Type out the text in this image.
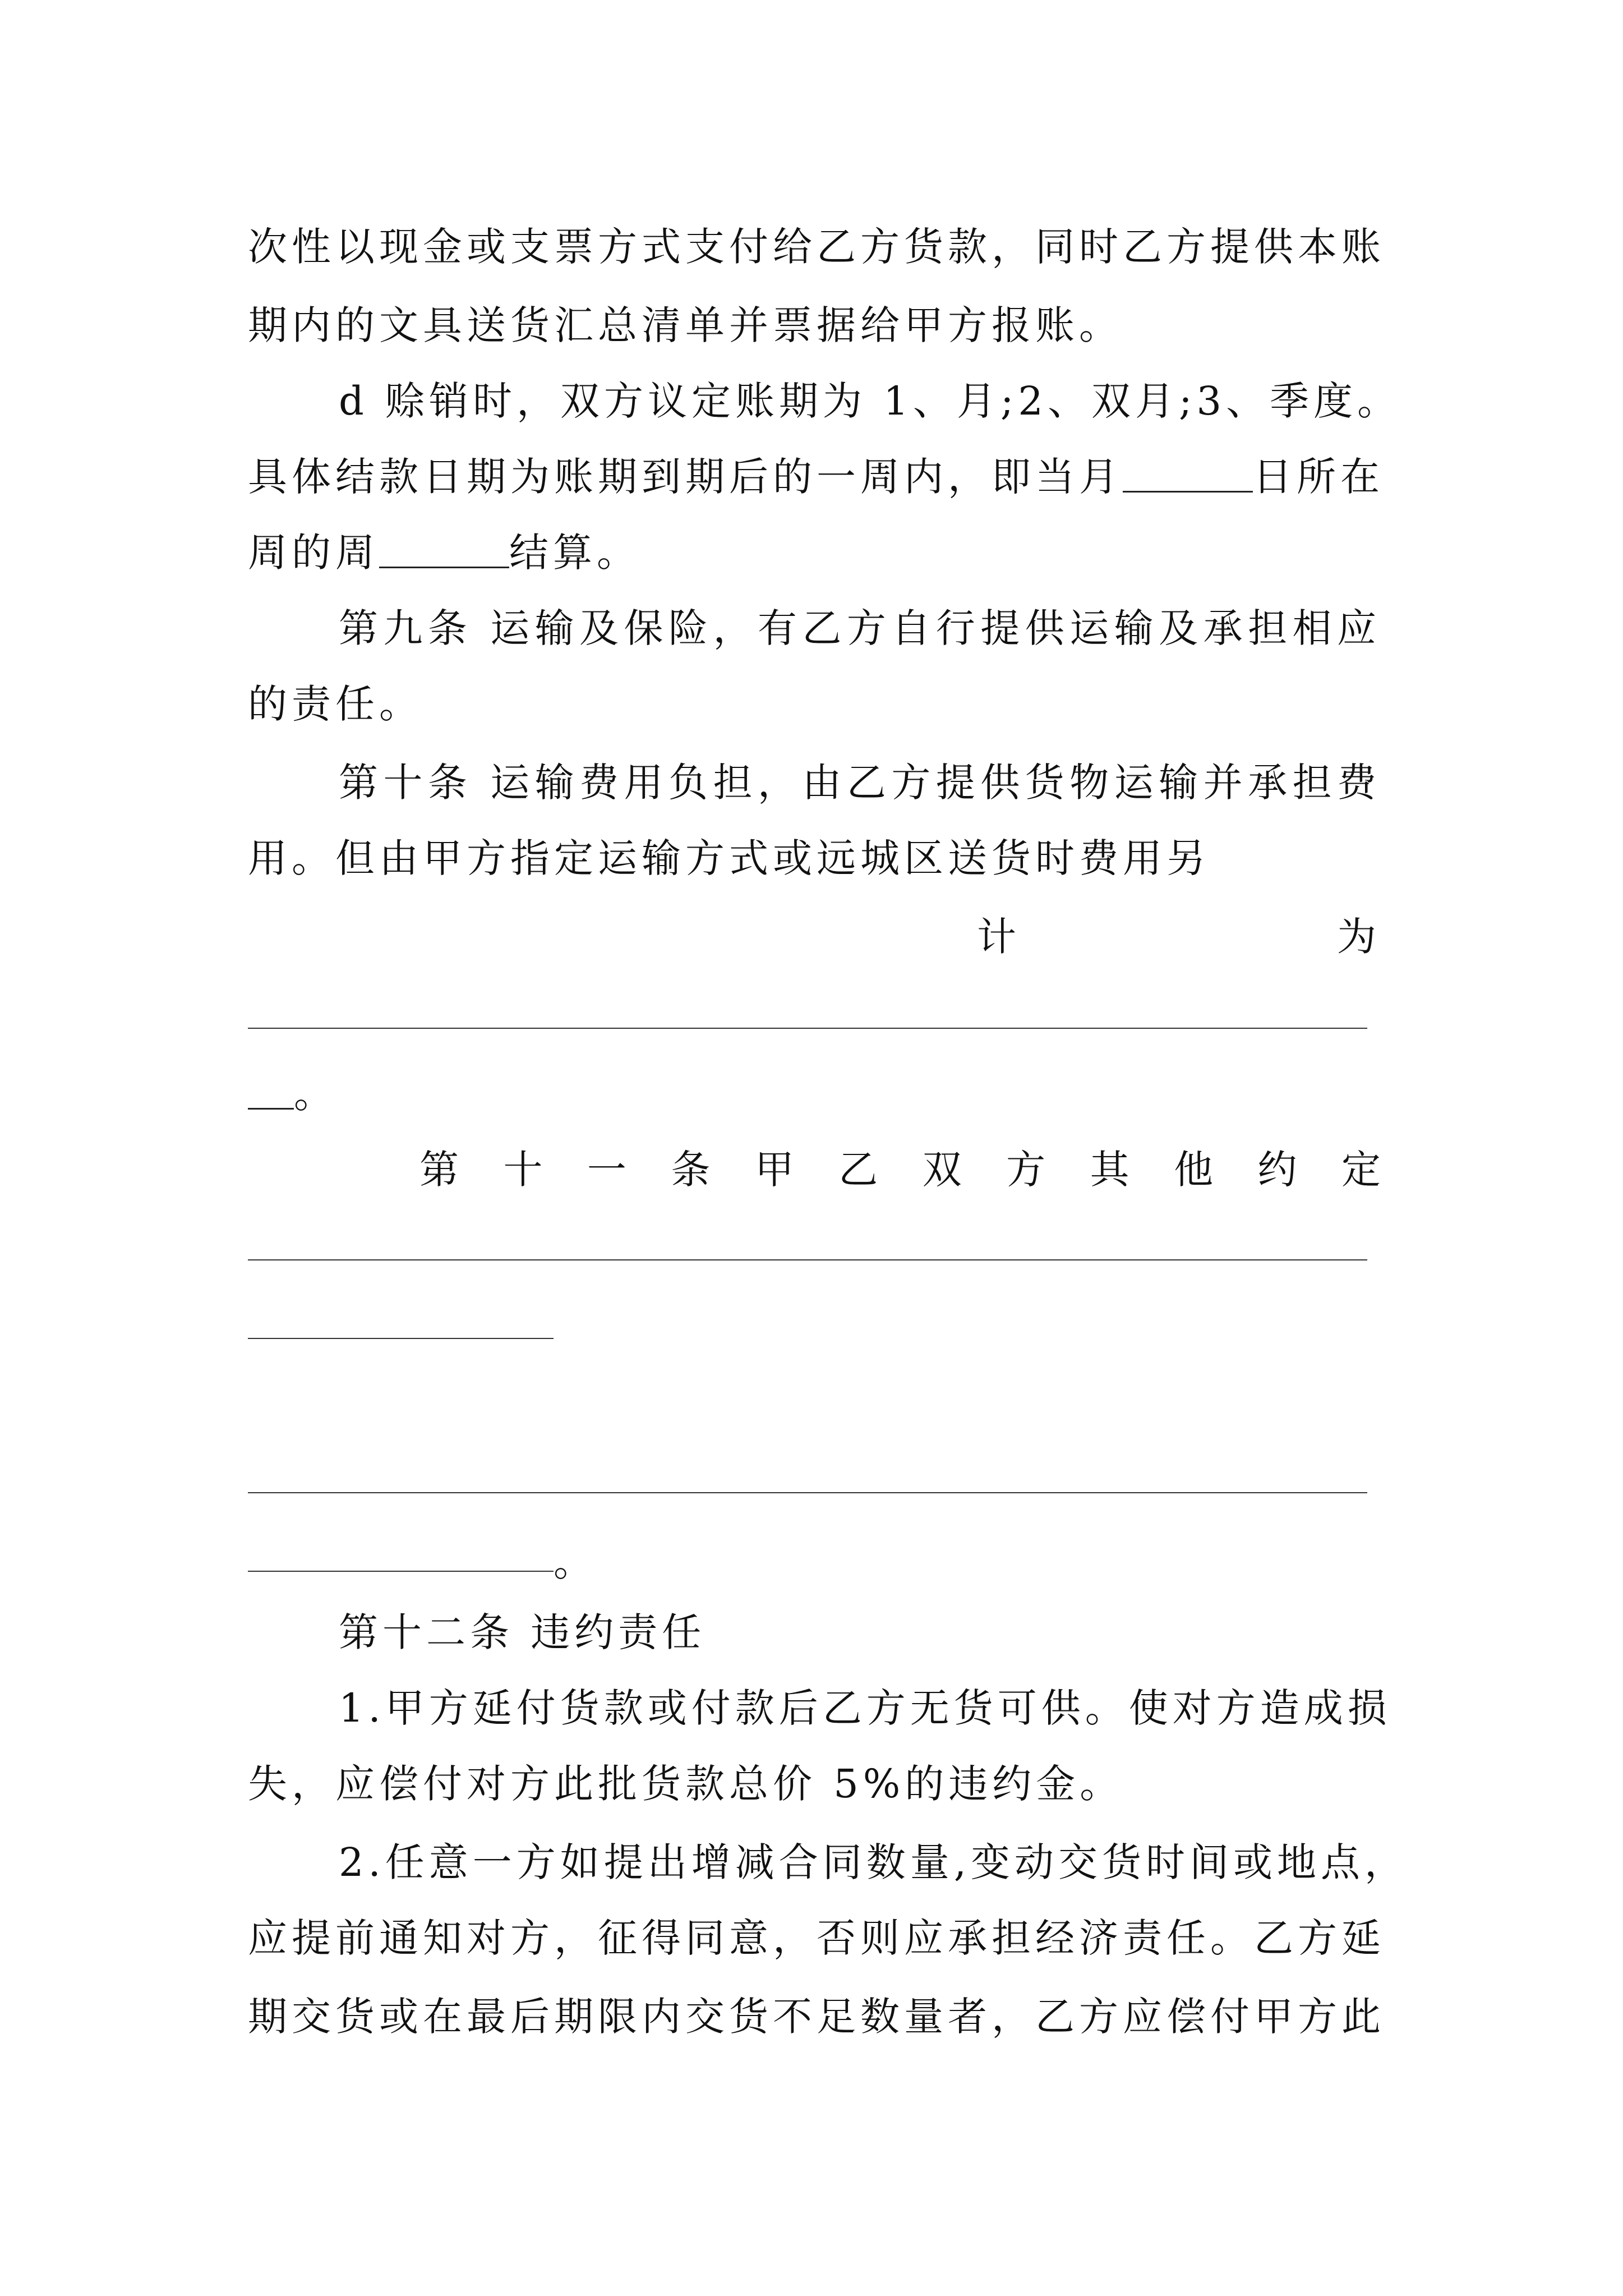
次性以现金或支票方式支付给乙方货款，同时乙方提供本账
期内的文具送货汇总清单并票据给甲方报账。
d 赊销时，双方议定账期为 1、月;2、双月;3、季度。
具体结款日期为账期到期后的一周内，即当月	日所在
周的周	结算。
第九条 运输及保险，有乙方自行提供运输及承担相应
的责任。
第十条 运输费用负担，由乙方提供货物运输并承担费
用。但由甲方指定运输方式或远城区送货时费用另
计	为
。
第 十 一 条 甲 乙 双 方 其 他 约 定
。
第十二条 违约责任
1.甲方延付货款或付款后乙方无货可供。使对方造成损
失，应偿付对方此批货款总价 5%的违约金。
2.任意一方如提出增减合同数量,变动交货时间或地点，
应提前通知对方，征得同意，否则应承担经济责任。乙方延
期交货或在最后期限内交货不足数量者，乙方应偿付甲方此
